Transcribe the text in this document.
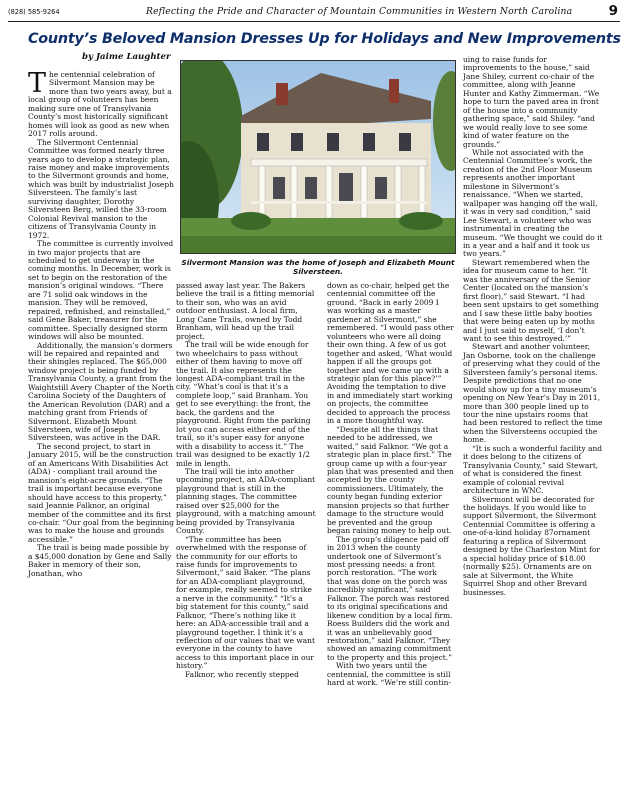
(828) 585-9264	Reflecting the Pride and Character of Mountain Communities in Western North Carolina	9
County’s Beloved Mansion Dresses Up for Holidays and New Improvements
by Jaime Laughter
Silvermont Mansion was the home of Joseph and Elizabeth Mount Silversteen.

The centennial celebration of Silvermont Mansion may be more than two years away, but a local group of volunteers has been making sure one of Transylvania County’s most historically significant homes will look as good as new when 2017 rolls around.

The Silvermont Centennial Committee was formed nearly three years ago to develop a strategic plan, raise money and make improvements to the Silvermont grounds and home, which was built by industrialist Joseph Silversteen. The family’s last surviving daughter, Dorothy Silversteen Berg, willed the 33-room Colonial Revival mansion to the citizens of Transylvania County in 1972.

The committee is currently involved in two major projects that are scheduled to get underway in the coming months. In December, work is set to begin on the restoration of the mansion’s original windows. “There are 71 solid oak windows in the mansion. They will be removed, repaired, refinished, and reinstalled,” said Gene Baker, treasurer for the committee. Specially designed storm windows will also be mounted.

Additionally, the mansion’s dormers will be repaired and repainted and their shingles replaced. The $65,000 window project is being funded by Transylvania County, a grant from the Waightstill Avery Chapter of the North Carolina Society of the Daughters of the American Revolution (DAR) and a matching grant from Friends of Silvermont. Elizabeth Mount Silversteen, wife of Joseph Silversteen, was active in the DAR.

The second project, to start in January 2015, will be the construction of an Americans With Disabilities Act (ADA) - compliant trail around the mansion’s eight-acre grounds. “The trail is important because everyone should have access to this property,” said Jeannie Falknor, an original member of the committee and its first co-chair. “Our goal from the beginning was to make the house and grounds accessible.”

The trail is being made possible by a $45,000 donation by Gene and Sally Baker in memory of their son, Jonathan, who

passed away last year. The Bakers believe the trail is a fitting memorial to their son, who was an avid outdoor enthusiast. A local firm, Long Cane Trails, owned by Todd Branham, will head up the trail project.

The trail will be wide enough for two wheelchairs to pass without either of them having to move off the trail. It also represents the longest ADA-compliant trail in the city. “What’s cool is that it’s a complete loop,” said Branham. You get to see everything: the front, the back, the gardens and the playground. Right from the parking lot you can access either end of the trail, so it’s super easy for anyone with a disability to access it.” The trail was designed to be exactly 1/2 mile in length.

The trail will tie into another upcoming project, an ADA-compliant playground that is still in the planning stages. The committee raised over $25,000 for the playground, with a matching amount being provided by Transylvania County.

“The committee has been overwhelmed with the response of the community for our efforts to raise funds for improvements to Silvermont,” said Baker. “The plans for an ADA-compliant playground, for example, really seemed to strike a nerve in the community.” “It’s a big statement for this county,” said Falknor, “There’s nothing like it here: an ADA-accessible trail and a playground together. I think it’s a reflection of our values that we want everyone in the county to have access to this important place in our history.”

Falknor, who recently stepped

down as co-chair, helped get the centennial committee off the ground. “Back in early 2009 I was working as a master gardener at Silvermont,” she remembered. “I would pass other volunteers who were all doing their own thing. A few of us got together and asked, ‘What would happen if all the groups got together and we came up with a strategic plan for this place?’” Avoiding the temptation to dive in and immediately start working on projects, the committee decided to approach the process in a more thoughtful way.

“Despite all the things that needed to be addressed, we waited,” said Falknor. “We got a strategic plan in place first.” The group came up with a four-year plan that was presented and then accepted by the county commissioners. Ultimately, the county began funding exterior mansion projects so that further damage to the structure would be prevented and the group began raising money to help out.

The group’s diligence paid off in 2013 when the county undertook one of Silvermont’s most pressing needs: a front porch restoration. “The work that was done on the porch was incredibly significant,” said Falknor. The porch was restored to its original specifications and likenew condition by a local firm. Roess Builders did the work and it was an unbelievably good restoration,” said Falknor. “They showed an amazing commitment to the property and this project.”

With two years until the centennial, the committee is still hard at work. “We’re still contin-

uing to raise funds for improvements to the house,” said Jane Shiley, current co-chair of the committee, along with Jeanne Hunter and Kathy Zimmerman. “We hope to turn the paved area in front of the house into a community gathering space,” said Shiley. “and we would really love to see some kind of water feature on the grounds.”

While not associated with the Centennial Committee’s work, the creation of the 2nd Floor Museum represents another important milestone in Silvermont’s renaissance. “When we started, wallpaper was hanging off the wall, it was in very sad condition,” said Lee Stewart, a volunteer who was instrumental in creating the museum. “We thought we could do it in a year and a half and it took us two years.”

Stewart remembered when the idea for museum came to her. “It was the anniversary of the Senior Center (located on the mansion’s first floor),” said Stewart. “I had been sent upstairs to get something and I saw these little baby booties that were being eaten up by moths and I just said to myself, ‘I don’t want to see this destroyed.’”

Stewart and another volunteer, Jan Osborne, took on the challenge of preserving what they could of the Silversteen family’s personal items. Despite predictions that no one would show up for a tiny museum’s opening on New Year’s Day in 2011, more than 300 people lined up to tour the nine upstairs rooms that had been restored to reflect the time when the Silversteens occupied the home.

“It is such a wonderful facility and it does belong to the citizens of Transylvania County,” said Stewart, of what is considered the finest example of colonial revival architecture in WNC.

Silvermont will be decorated for the holidays. If you would like to support Silvermont, the Silvermont Centennial Committee is offering a one-of-a-kind holiday 87ornament featuring a replica of Silvermont designed by the Charleston Mint for a special holiday price of $18.00 (normally $25). Ornaments are on sale at Silvermont, the White Squirrel Shop and other Brevard businesses.
